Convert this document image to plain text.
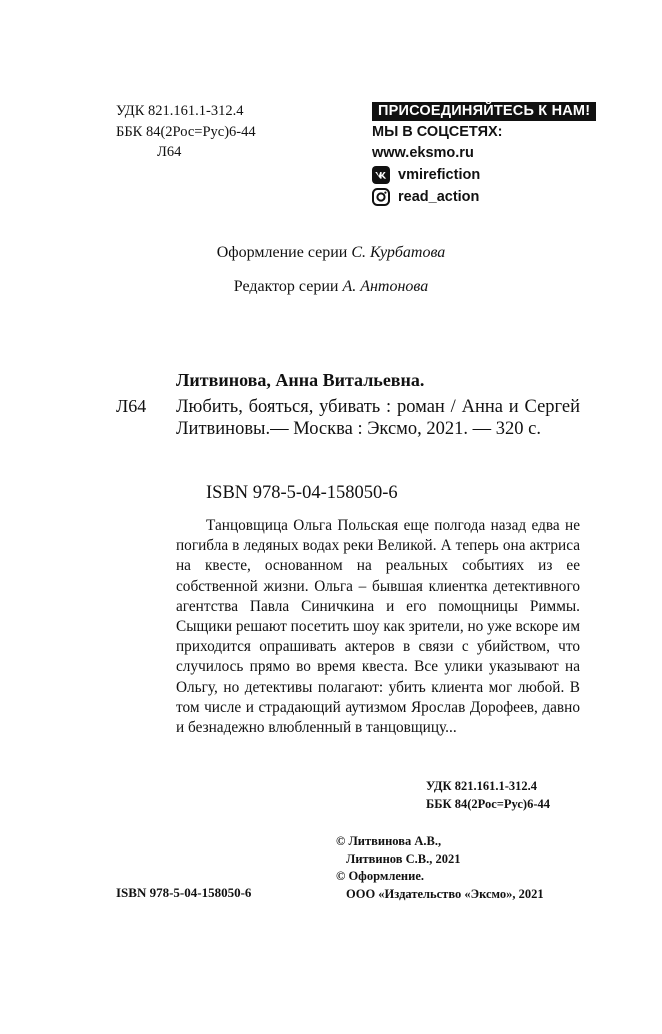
УДК 821.161.1-312.4
ББК 84(2Рос=Рус)6-44
Л64
ПРИСОЕДИНЯЙТЕСЬ К НАМ!
МЫ В СОЦСЕТЯХ:
www.eksmo.ru
vmirefiction
read_action
Оформление серии С. Курбатова
Редактор серии А. Антонова
Литвинова, Анна Витальевна.
Л64 Любить, бояться, убивать : роман / Анна и Сергей Литвиновы.— Москва : Эксмо, 2021. — 320 с.
ISBN 978-5-04-158050-6
Танцовщица Ольга Польская еще полгода назад едва не погибла в ледяных водах реки Великой. А теперь она актриса на квесте, основанном на реальных событиях из ее собственной жизни. Ольга – бывшая клиентка детективного агентства Павла Синичкина и его помощницы Риммы. Сыщики решают посетить шоу как зрители, но уже вскоре им приходится опрашивать актеров в связи с убийством, что случилось прямо во время квеста. Все улики указывают на Ольгу, но детективы полагают: убить клиента мог любой. В том числе и страдающий аутизмом Ярослав Дорофеев, давно и безнадежно влюбленный в танцовщицу...
УДК 821.161.1-312.4
ББК 84(2Рос=Рус)6-44
ISBN 978-5-04-158050-6
© Литвинова А.В.,
Литвинов С.В., 2021
© Оформление.
ООО «Издательство «Эксмо», 2021
